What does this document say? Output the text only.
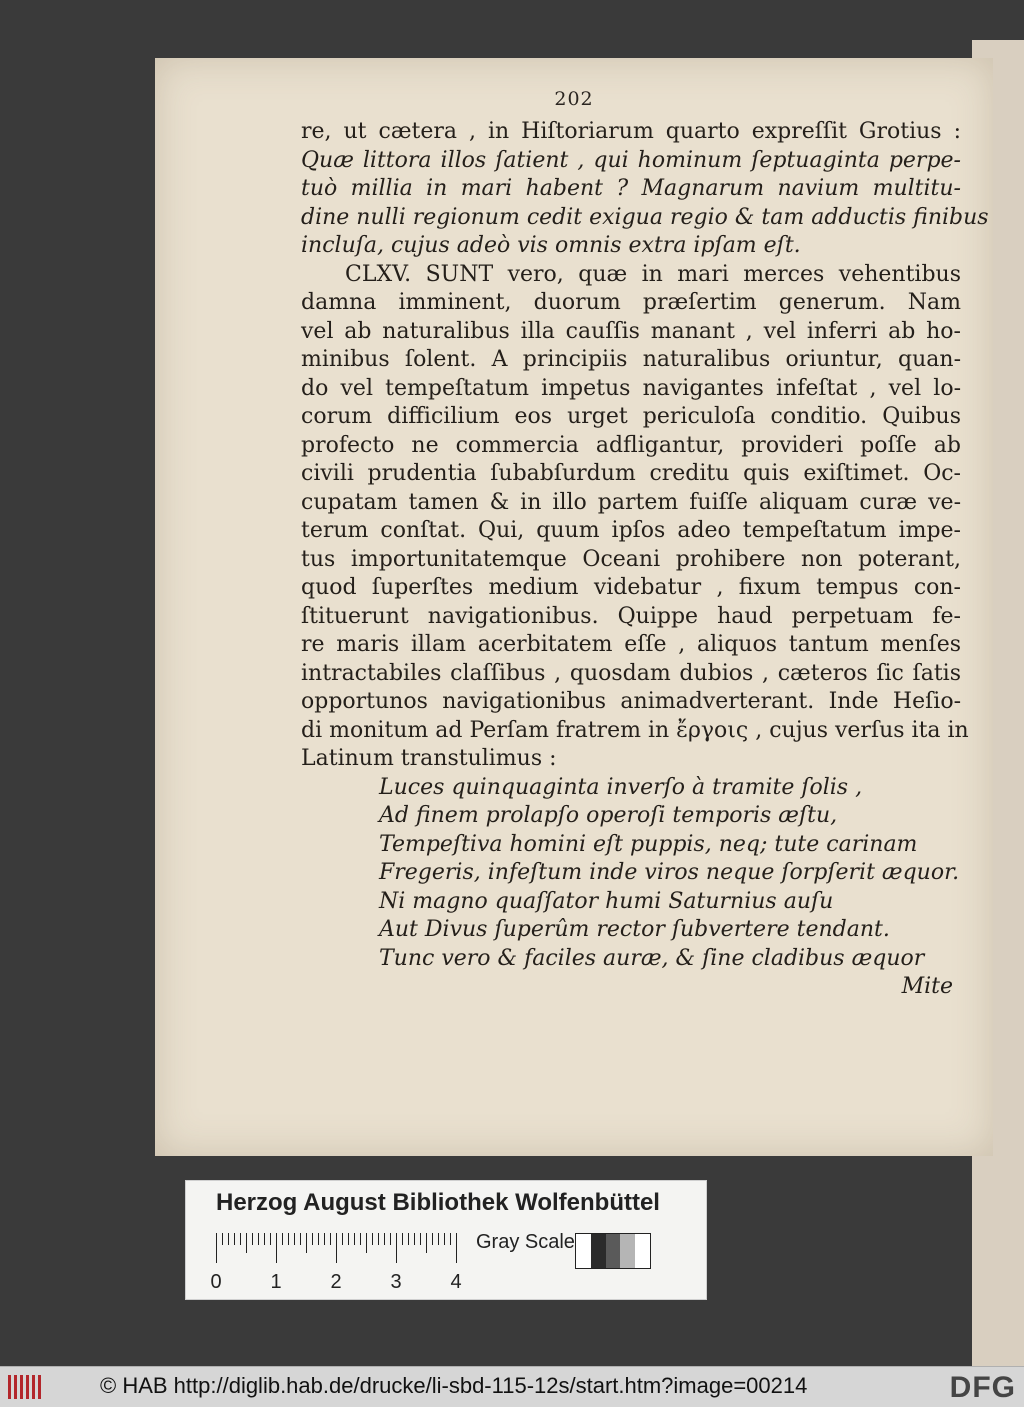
202
re, ut cætera , in Hiſtoriarum quarto expreſſit Grotius :
Quæ littora illos ſatient , qui hominum ſeptuaginta perpe-
tuò millia in mari habent ? Magnarum navium multitu-
dine nulli regionum cedit exigua regio & tam adductis finibus
incluſa, cujus adeò vis omnis extra ipſam eſt.
CLXV. SUNT vero, quæ in mari merces vehentibus
damna imminent, duorum præſertim generum. Nam
vel ab naturalibus illa cauſſis manant , vel inferri ab ho-
minibus ſolent. A principiis naturalibus oriuntur, quan-
do vel tempeſtatum impetus navigantes infeſtat , vel lo-
corum difficilium eos urget periculoſa conditio. Quibus
profecto ne commercia adfligantur, provideri poſſe ab
civili prudentia ſubabſurdum creditu quis exiſtimet. Oc-
cupatam tamen & in illo partem fuiſſe aliquam curæ ve-
terum conſtat. Qui, quum ipſos adeo tempeſtatum impe-
tus importunitatemque Oceani prohibere non poterant,
quod ſuperſtes medium videbatur , fixum tempus con-
ſtituerunt navigationibus. Quippe haud perpetuam fe-
re maris illam acerbitatem eſſe , aliquos tantum menſes
intractabiles claſſibus , quosdam dubios , cæteros ſic ſatis
opportunos navigationibus animadverterant. Inde Heſio-
di monitum ad Perſam fratrem in ἔργοις , cujus verſus ita in
Latinum transtulimus :
Luces quinquaginta inverſo à tramite ſolis ,
Ad finem prolapſo operoſi temporis æſtu,
Tempeſtiva homini eſt puppis, neq; tute carinam
Fregeris, infeſtum inde viros neque ſorpſerit æquor.
Ni magno quaſſator humi Saturnius auſu
Aut Divus ſuperûm rector ſubvertere tendant.
Tunc vero & faciles auræ, & ſine cladibus æquor
Mite
Herzog August Bibliothek Wolfenbüttel
0 1 2 3 4
Gray Scale
© HAB http://diglib.hab.de/drucke/li-sbd-115-12s/start.htm?image=00214	DFG
